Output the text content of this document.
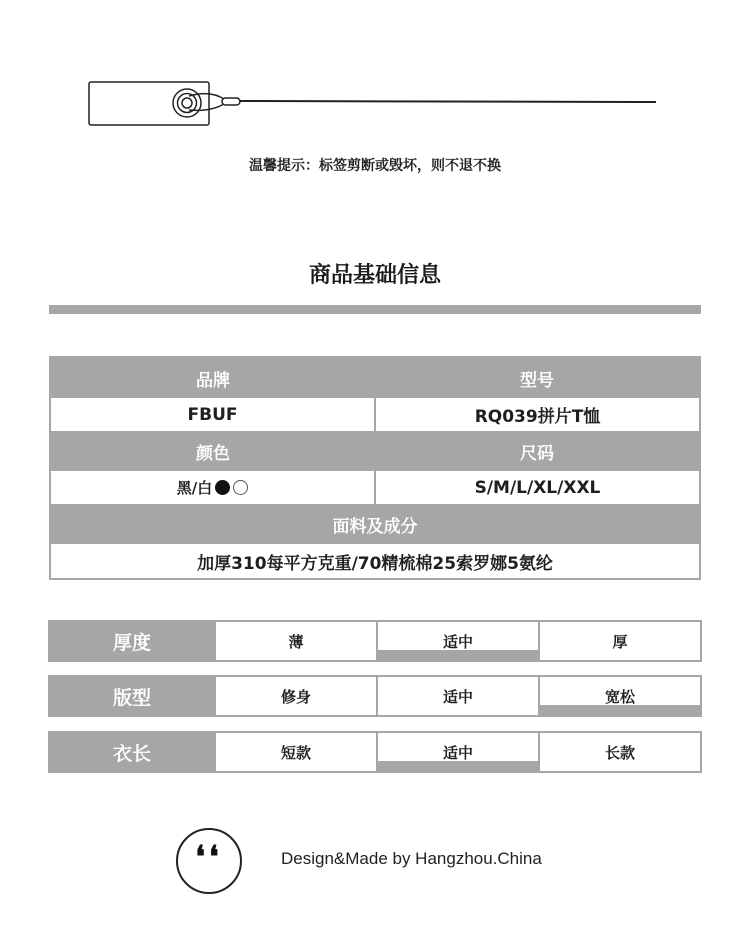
温馨提示：标签剪断或毁坏，则不退不换
商品基础信息
品牌	型号
FBUF	RQ039拼片T恤
颜色	尺码
黑/白	S/M/L/XL/XXL
面料及成分
加厚310每平方克重/70精梳棉25索罗娜5氨纶
厚度	薄	适中	厚
版型	修身	适中	宽松
衣长	短款	适中	长款
❛❛	Design&Made by Hangzhou.China
